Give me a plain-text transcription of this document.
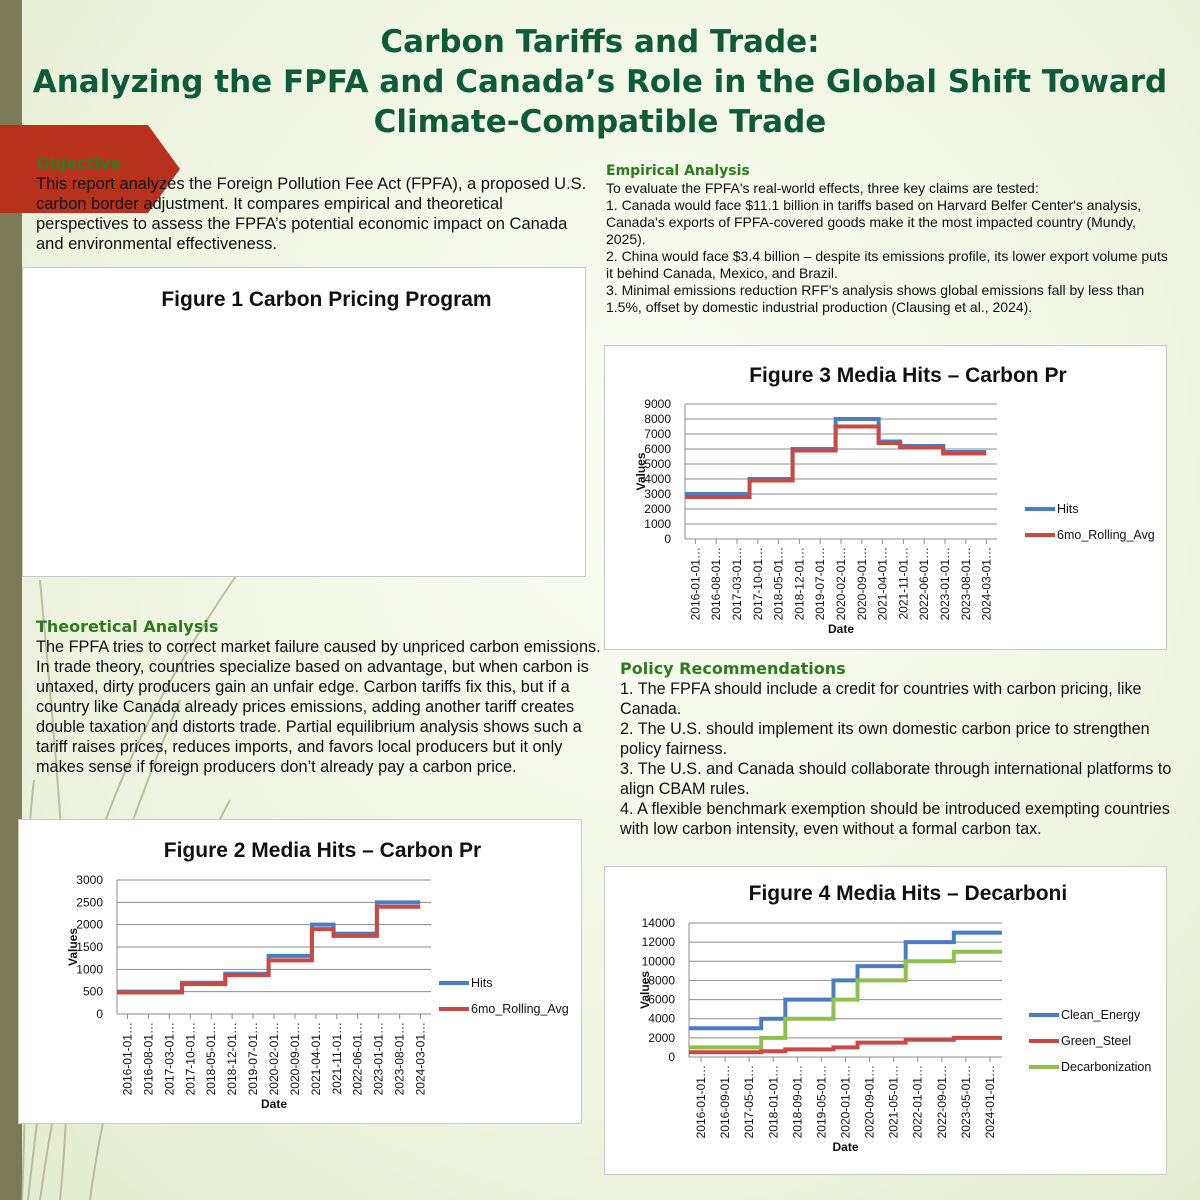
Carbon Tariffs and Trade:
Analyzing the FPFA and Canada’s Role in the Global Shift Toward
Climate-Compatible Trade
Objective

This report analyzes the Foreign Pollution Fee Act (FPFA), a proposed U.S. carbon border adjustment. It compares empirical and theoretical perspectives to assess the FPFA’s potential economic impact on Canada and environmental effectiveness.

Empirical Analysis

To evaluate the FPFA's real-world effects, three key claims are tested:
1. Canada would face $11.1 billion in tariffs based on Harvard Belfer Center's analysis, Canada's exports of FPFA-covered goods make it the most impacted country (Mundy, 2025).
2. China would face $3.4 billion – despite its emissions profile, its lower export volume puts it behind Canada, Mexico, and Brazil.
3. Minimal emissions reduction RFF’s analysis shows global emissions fall by less than 1.5%, offset by domestic industrial production (Clausing et al., 2024).

Theoretical Analysis

The FPFA tries to correct market failure caused by unpriced carbon emissions. In trade theory, countries specialize based on advantage, but when carbon is untaxed, dirty producers gain an unfair edge. Carbon tariffs fix this, but if a country like Canada already prices emissions, adding another tariff creates double taxation and distorts trade. Partial equilibrium analysis shows such a tariff raises prices, reduces imports, and favors local producers but it only makes sense if foreign producers don’t already pay a carbon price.

Policy Recommendations

1. The FPFA should include a credit for countries with carbon pricing, like Canada.
2. The U.S. should implement its own domestic carbon price to strengthen policy fairness.
3. The U.S. and Canada should collaborate through international platforms to align CBAM rules.
4. A flexible benchmark exemption should be introduced exempting countries with low carbon intensity, even without a formal carbon tax.

Figure 1 Carbon Pricing Program
Figure 2 Media Hits – Carbon Pr
0
500
1000
1500
2000
2500
3000
2016-01-01… 2016-08-01… 2017-03-01… 2017-10-01… 2018-05-01… 2018-12-01… 2019-07-01… 2020-02-01… 2020-09-01… 2021-04-01… 2021-11-01… 2022-06-01… 2023-01-01… 2023-08-01… 2024-03-01…
Values
Date
Hits
6mo_Rolling_Avg
Figure 3 Media Hits – Carbon Pr
0
1000
2000
3000
4000
5000
6000
7000
8000
9000
2016-01-01… 2016-08-01… 2017-03-01… 2017-10-01… 2018-05-01… 2018-12-01… 2019-07-01… 2020-02-01… 2020-09-01… 2021-04-01… 2021-11-01… 2022-06-01… 2023-01-01… 2023-08-01… 2024-03-01…
Values
Date
Hits
6mo_Rolling_Avg
Figure 4 Media Hits – Decarboni
0
2000
4000
6000
8000
10000
12000
14000
2016-01-01… 2016-09-01… 2017-05-01… 2018-01-01… 2018-09-01… 2019-05-01… 2020-01-01… 2020-09-01… 2021-05-01… 2022-01-01… 2022-09-01… 2023-05-01… 2024-01-01…
Values
Date
Clean_Energy
Green_Steel
Decarbonization
